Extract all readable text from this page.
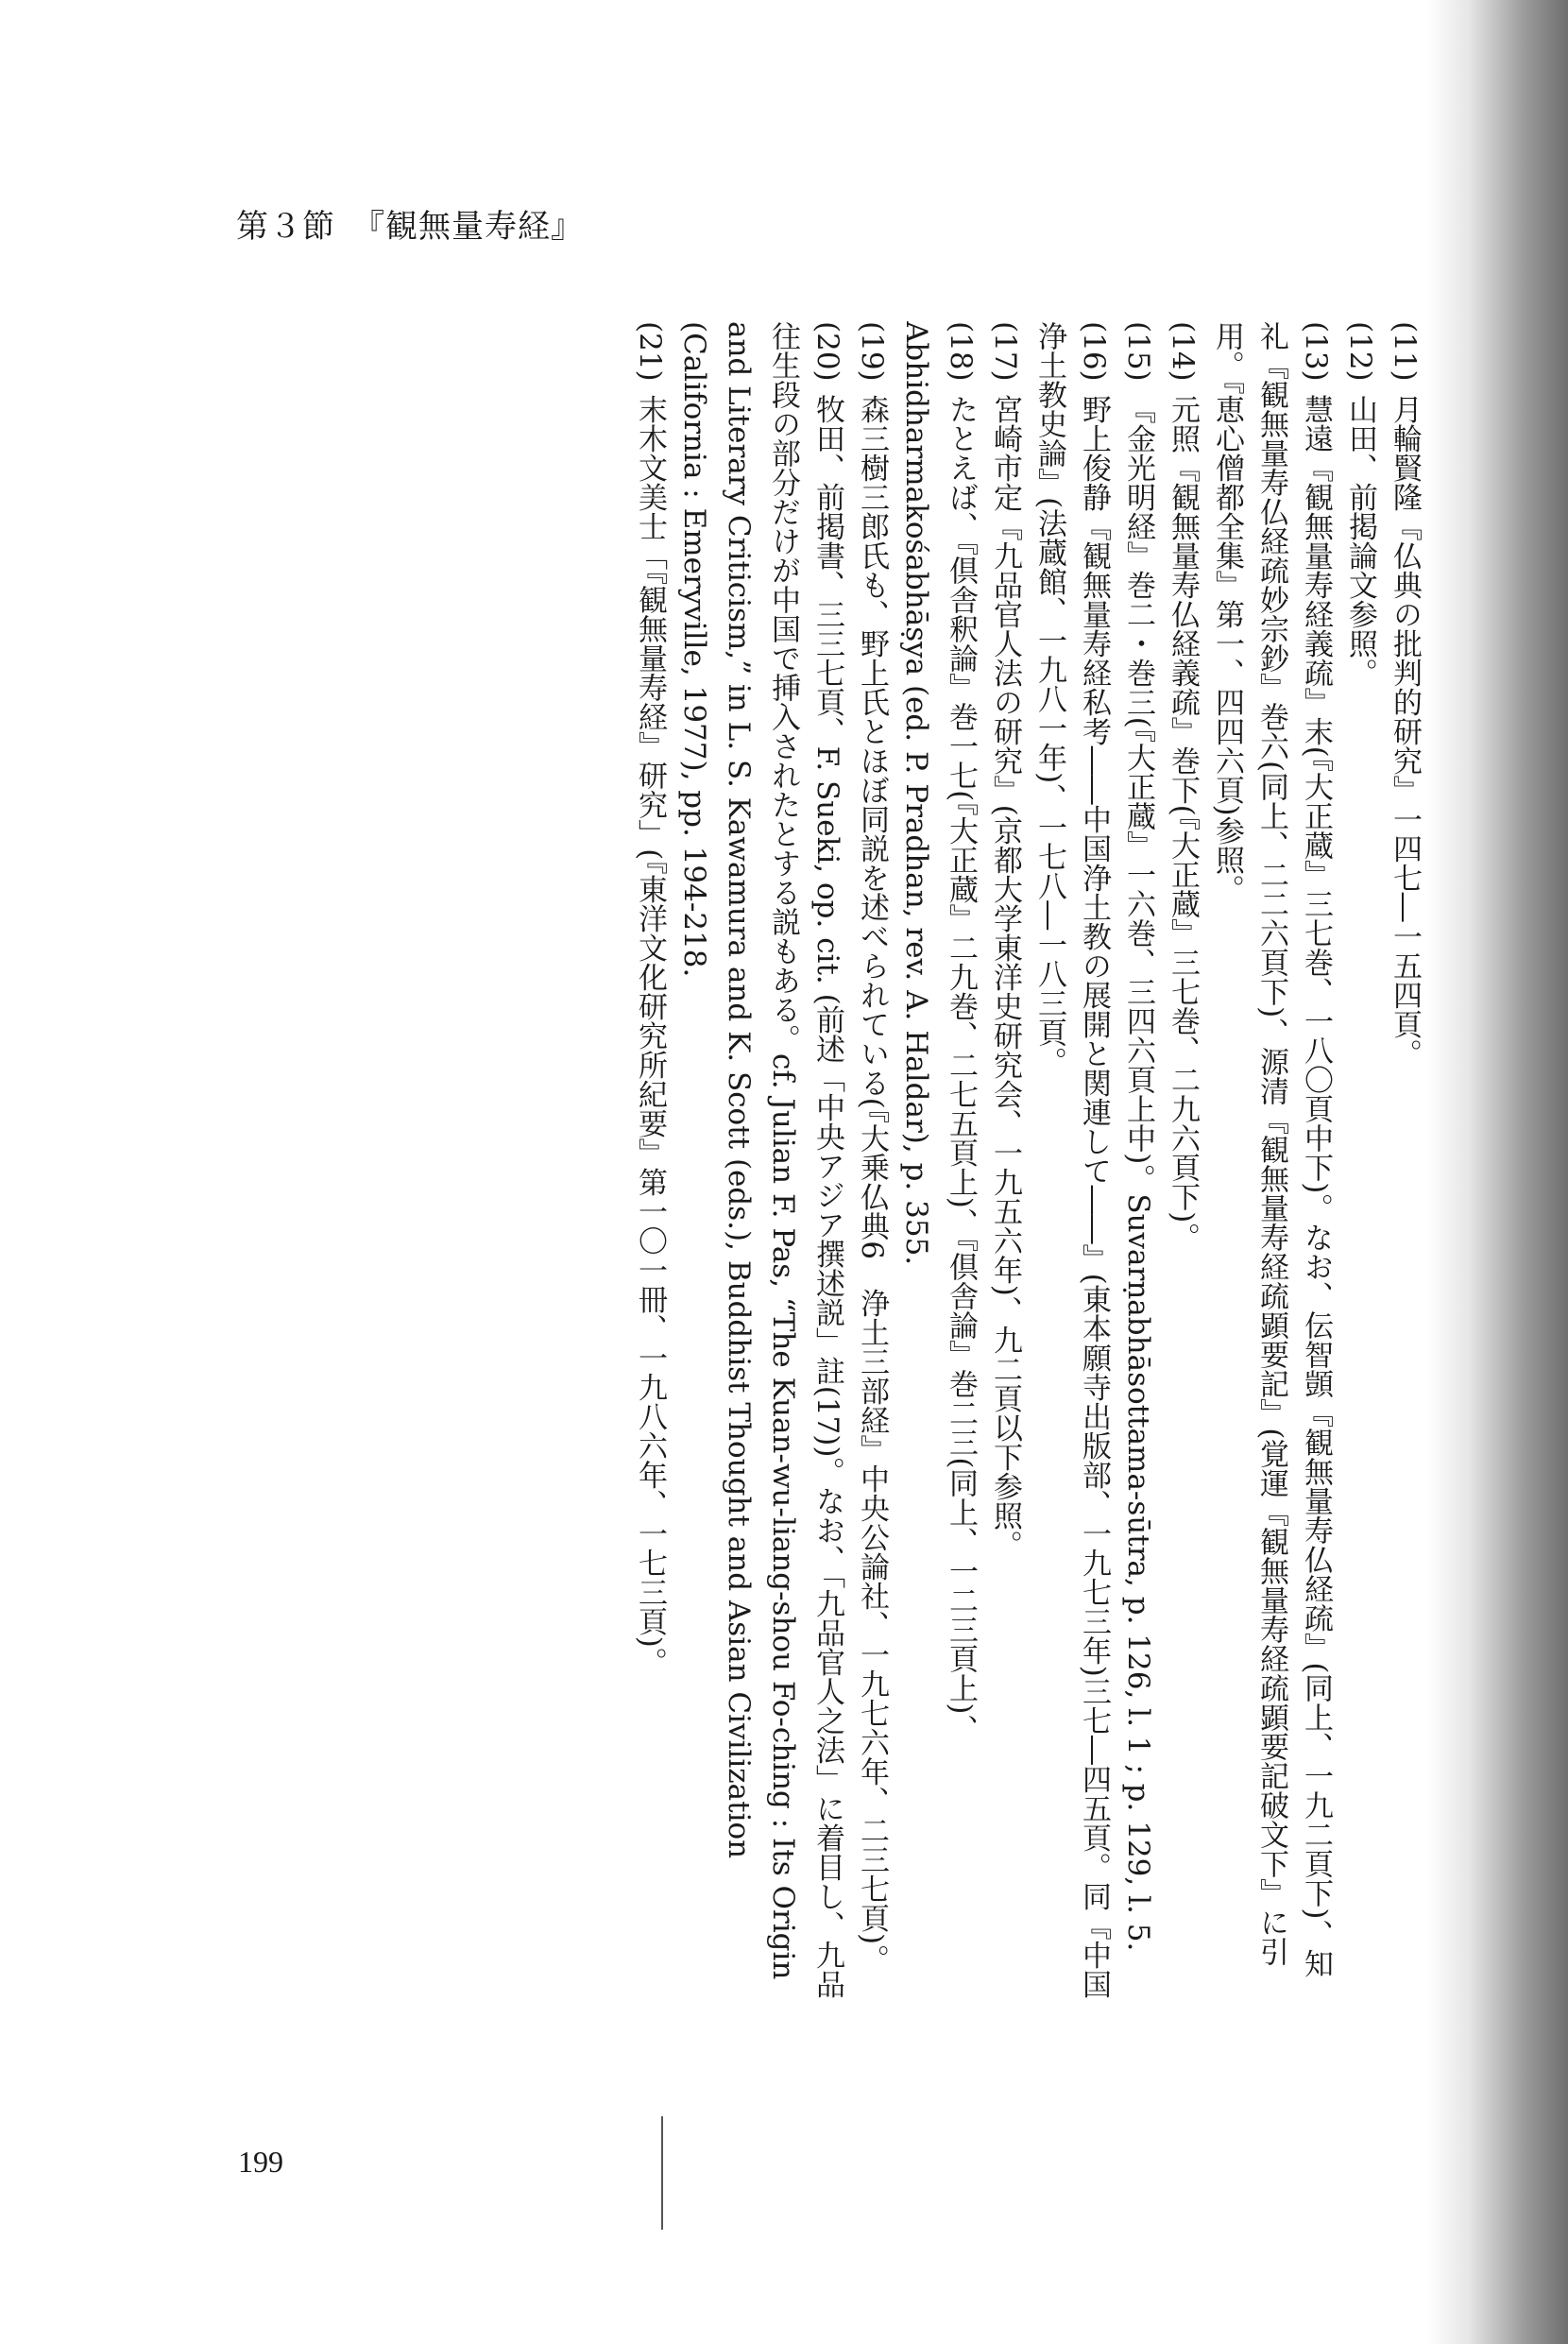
第３節　『観無量寿経』
(11)月輪賢隆『仏典の批判的研究』一四七―一五四頁。
(12)山田、前掲論文参照。
(13)慧遠『観無量寿経義疏』末(『大正蔵』三七巻、一八〇頁中下)。なお、伝智顗『観無量寿仏経疏』(同上、一九二頁下)、知礼『観無量寿仏経疏妙宗鈔』巻六(同上、二二六頁下)、源清『観無量寿経疏顕要記』(覚運『観無量寿経疏顕要記破文下』に引用。『恵心僧都全集』第一、四四六頁)参照。
(14)元照『観無量寿仏経義疏』巻下(『大正蔵』三七巻、二九六頁下)。
(15)『金光明経』巻二・巻三(『大正蔵』一六巻、三四六頁上中)。Suvarṇabhāsottama-sūtra, p. 126, l. 1 ; p. 129, l. 5.
(16)野上俊静『観無量寿経私考――中国浄土教の展開と関連して――』(東本願寺出版部、一九七三年)三七―四五頁。同『中国浄土教史論』(法蔵館、一九八一年)、一七八―一八三頁。
(17)宮崎市定『九品官人法の研究』(京都大学東洋史研究会、一九五六年)、九二頁以下参照。
(18)たとえば、『倶舎釈論』巻一七(『大正蔵』二九巻、二七五頁上)、『倶舎論』巻二三(同上、一二三頁上)、Abhidharmakośabhāṣya (ed. P. Pradhan, rev. A. Haldar), p. 355.
(19)森三樹三郎氏も、野上氏とほぼ同説を述べられている(『大乗仏典6　浄土三部経』中央公論社、一九七六年、二三七頁)。
(20)牧田、前掲書、三三七頁、F. Sueki, op. cit. (前述「中央アジア撰述説」註(17))。なお、「九品官人之法」に着目し、九品往生段の部分だけが中国で挿入されたとする説もある。cf. Julian F. Pas, “The Kuan-wu-liang-shou Fo-ching : Its Origin and Literary Criticism,” in L. S. Kawamura and K. Scott (eds.), Buddhist Thought and Asian Civilization (California : Emeryville, 1977), pp. 194-218.
(21)末木文美士「『観無量寿経』研究」(『東洋文化研究所紀要』第一〇一冊、一九八六年、一七三頁)。
199
